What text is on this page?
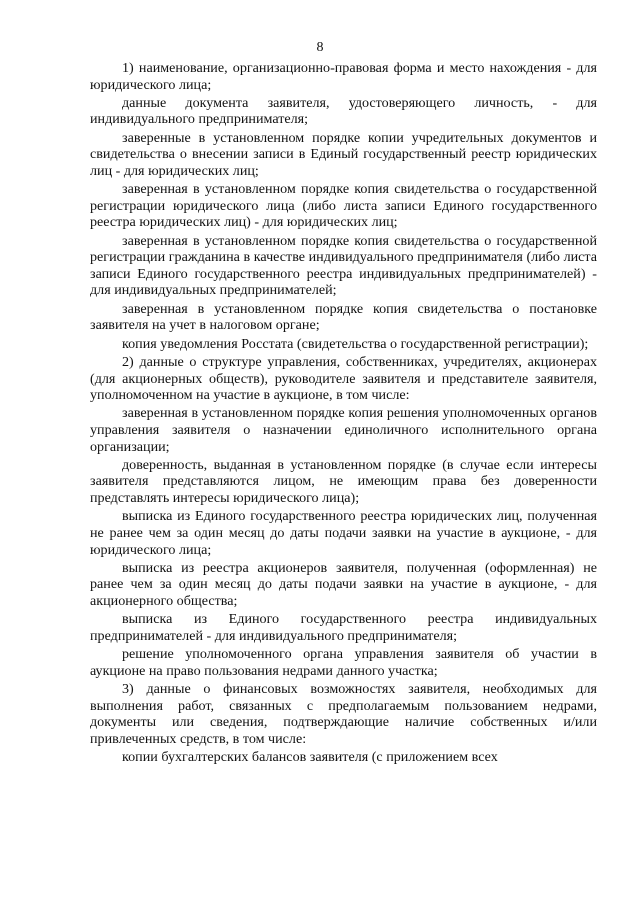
8

1) наименование, организационно-правовая форма и место нахождения - для юридического лица;

данные документа заявителя, удостоверяющего личность, - для индивидуального предпринимателя;

заверенные в установленном порядке копии учредительных документов и свидетельства о внесении записи в Единый государственный реестр юридических лиц - для юридических лиц;

заверенная в установленном порядке копия свидетельства о государственной регистрации юридического лица (либо листа записи Единого государственного реестра юридических лиц) - для юридических лиц;

заверенная в установленном порядке копия свидетельства о государственной регистрации гражданина в качестве индивидуального предпринимателя (либо листа записи Единого государственного реестра индивидуальных предпринимателей) - для индивидуальных предпринимателей;

заверенная в установленном порядке копия свидетельства о постановке заявителя на учет в налоговом органе;

копия уведомления Росстата (свидетельства о государственной регистрации);

2) данные о структуре управления, собственниках, учредителях, акционерах (для акционерных обществ), руководителе заявителя и представителе заявителя, уполномоченном на участие в аукционе, в том числе:

заверенная в установленном порядке копия решения уполномоченных органов управления заявителя о назначении единоличного исполнительного органа организации;

доверенность, выданная в установленном порядке (в случае если интересы заявителя представляются лицом, не имеющим права без доверенности представлять интересы юридического лица);

выписка из Единого государственного реестра юридических лиц, полученная не ранее чем за один месяц до даты подачи заявки на участие в аукционе, - для юридического лица;

выписка из реестра акционеров заявителя, полученная (оформленная) не ранее чем за один месяц до даты подачи заявки на участие в аукционе, - для акционерного общества;

выписка из Единого государственного реестра индивидуальных предпринимателей - для индивидуального предпринимателя;

решение уполномоченного органа управления заявителя об участии в аукционе на право пользования недрами данного участка;

3) данные о финансовых возможностях заявителя, необходимых для выполнения работ, связанных с предполагаемым пользованием недрами, документы или сведения, подтверждающие наличие собственных и/или привлеченных средств, в том числе:

копии бухгалтерских балансов заявителя (с приложением всех
